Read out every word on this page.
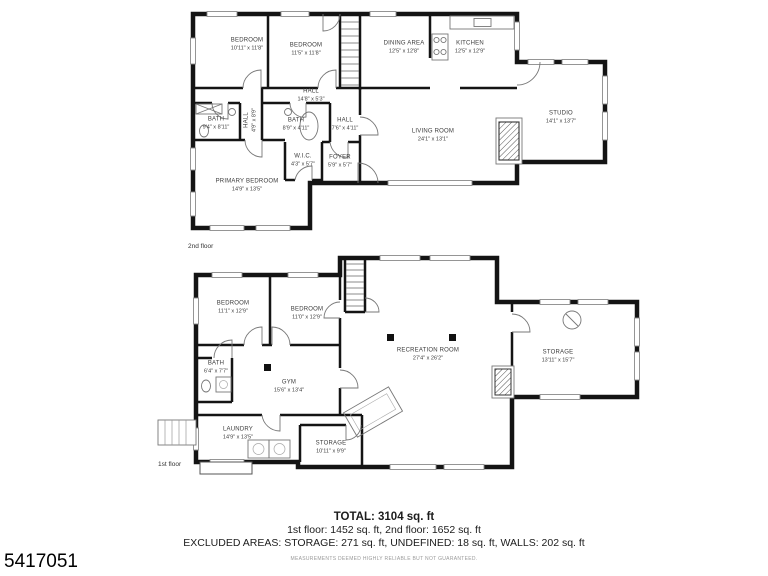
BEDROOM
10'11" x 11'8"	BEDROOM
11'5" x 11'8"
DINING AREA
12'5" x 12'8"
KITCHEN
12'5" x 12'9"
HALL
14'8" x 5'3"
BATH
9'4" x 8'11" HALL 4'9" x 8'9"	BATH
8'9" x 4'11"
HALL
7'6" x 4'11"
W.I.C.
4'3" x 5'7"
FOYER
5'9" x 5'7"
LIVING ROOM
24'1" x 13'1"
STUDIO
14'1" x 13'7"
PRIMARY BEDROOM
14'9" x 13'5"
2nd floor
BEDROOM
11'1" x 12'9"	BEDROOM
11'0" x 12'9"
RECREATION ROOM
27'4" x 26'2"
STORAGE
13'11" x 15'7"
BATH
6'4" x 7'7"
GYM
15'6" x 13'4"
LAUNDRY
14'9" x 13'5"
STORAGE
10'11" x 9'9"
1st floor
TOTAL: 3104 sq. ft
1st floor: 1452 sq. ft, 2nd floor: 1652 sq. ft
EXCLUDED AREAS: STORAGE: 271 sq. ft, UNDEFINED: 18 sq. ft, WALLS: 202 sq. ft
MEASUREMENTS DEEMED HIGHLY RELIABLE BUT NOT GUARANTEED.
5417051
